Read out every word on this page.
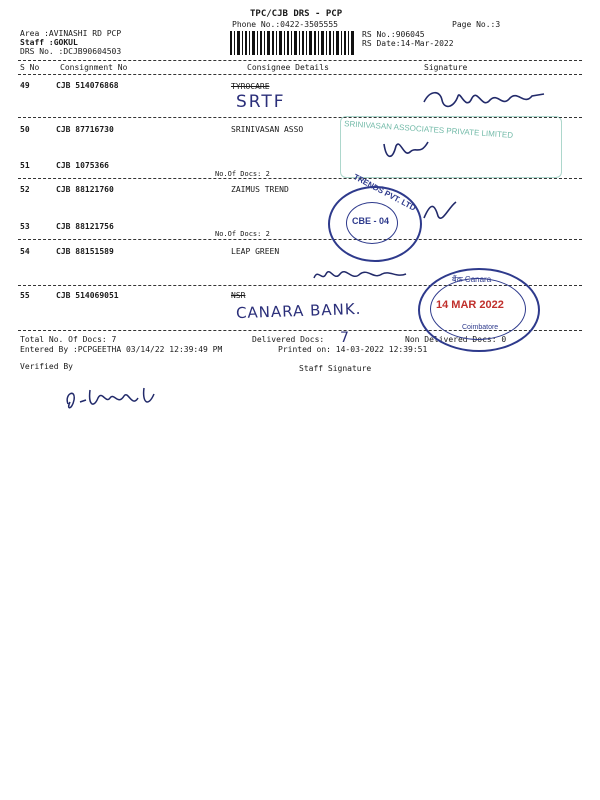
TPC/CJB DRS - PCP
Phone No.:0422-3505555	Page No.:3
Area :AVINASHI RD PCP
Staff :GOKUL
DRS No. :DCJB90604503
RS No.:906045
RS Date:14-Mar-2022
S No	Consignment No	Consignee Details	Signature
49	CJB 514076868	TYROCARE
SRTF
50	CJB 87716730	SRINIVASAN ASSO
51	CJB 1075366
No.Of Docs: 2
52	CJB 88121760	ZAIMUS TREND
53	CJB 88121756
No.Of Docs: 2
54	CJB 88151589	LEAP GREEN
55	CJB 514069051	NSR
CANARA BANK.
Total No. Of Docs: 7	Delivered Docs: 7	Non Delivered Docs: 0
Entered By :PCPGEETHA 03/14/22 12:39:49 PM	Printed on: 14-03-2022 12:39:51
Verified By	Staff Signature
SRINIVASAN ASSOCIATES PRIVATE LIMITED
TRENDS PVT. LTD
CBE - 04
बैंक Canara
14 MAR 2022
Coimbatore
